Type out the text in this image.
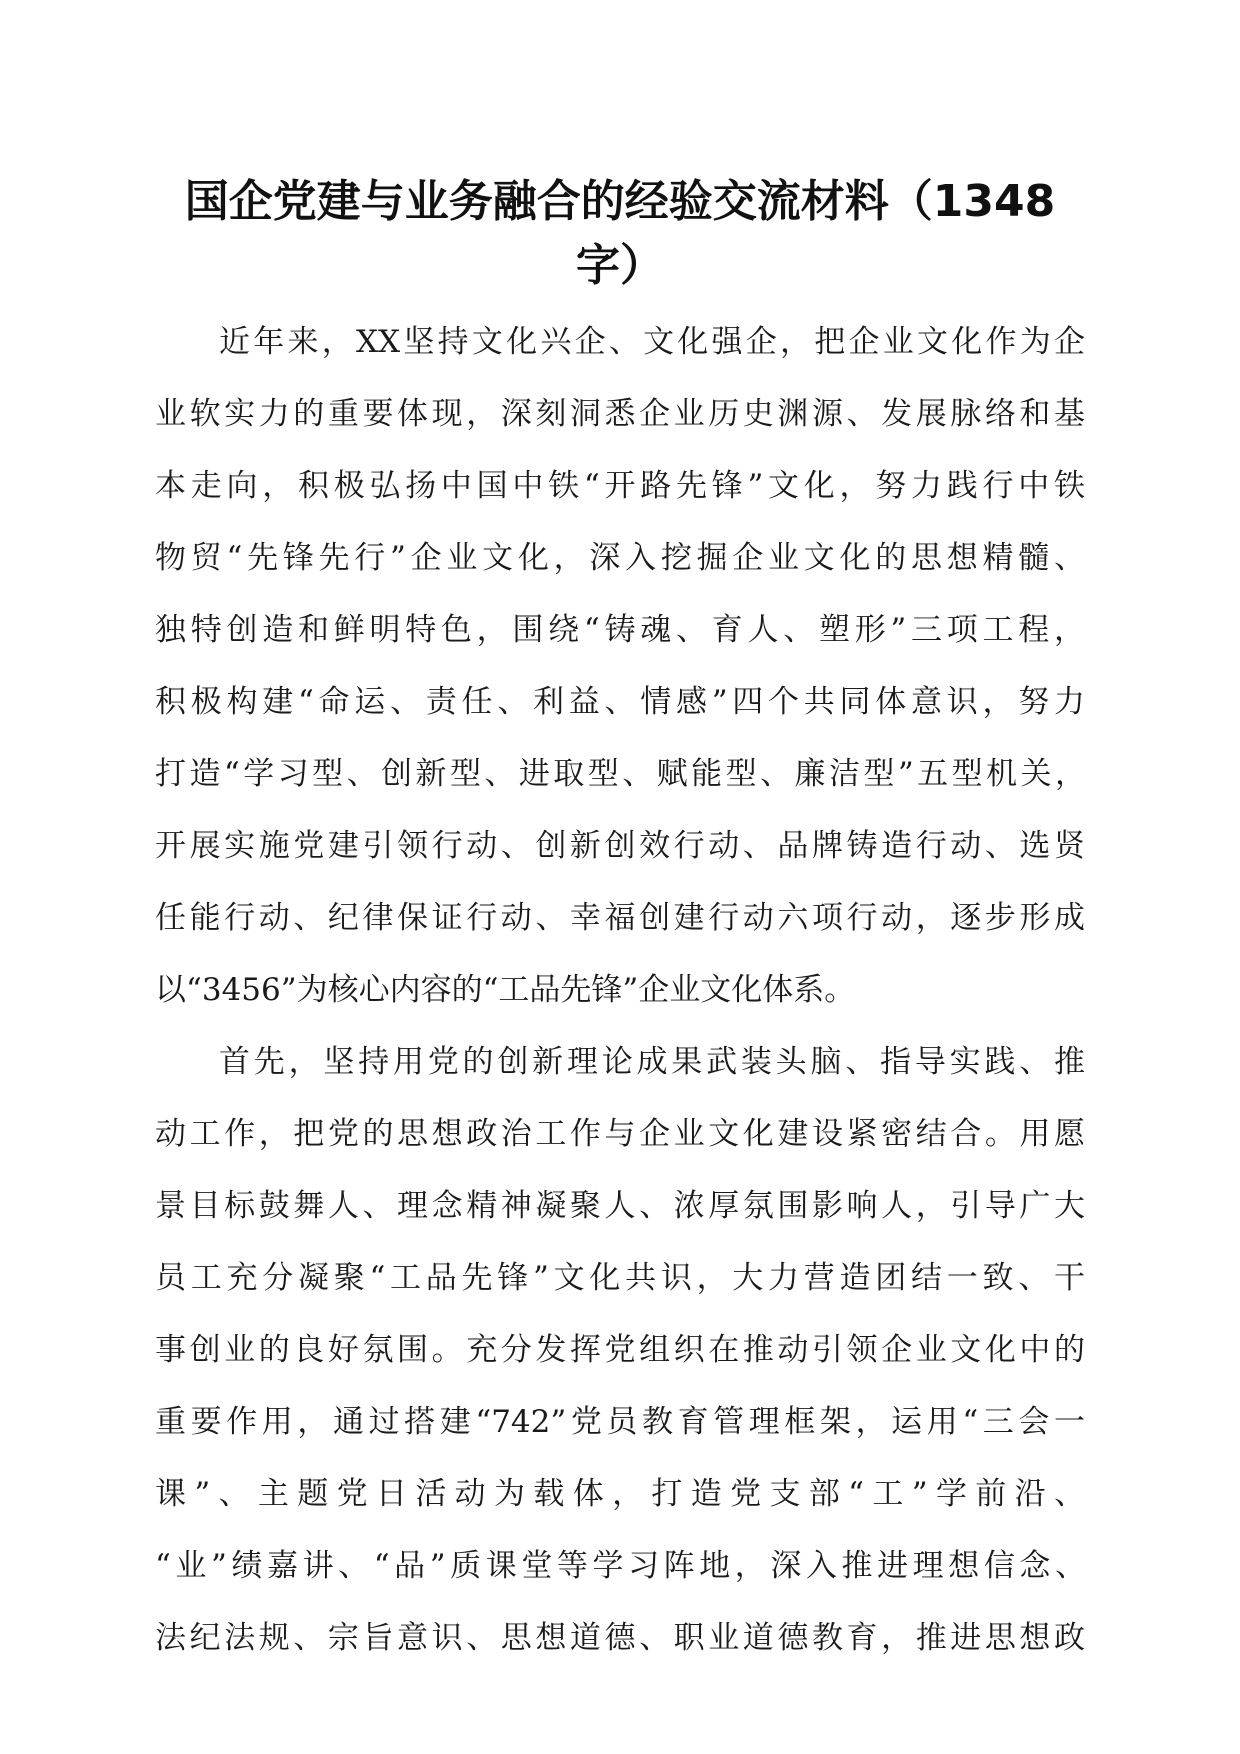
国企党建与业务融合的经验交流材料（1348
字）
近年来，XX坚持文化兴企、文化强企，把企业文化作为企
业软实力的重要体现，深刻洞悉企业历史渊源、发展脉络和基
本走向，积极弘扬中国中铁“开路先锋”文化，努力践行中铁
物贸“先锋先行”企业文化，深入挖掘企业文化的思想精髓、
独特创造和鲜明特色，围绕“铸魂、育人、塑形”三项工程，
积极构建“命运、责任、利益、情感”四个共同体意识，努力
打造“学习型、创新型、进取型、赋能型、廉洁型”五型机关，
开展实施党建引领行动、创新创效行动、品牌铸造行动、选贤
任能行动、纪律保证行动、幸福创建行动六项行动，逐步形成
以“3456”为核心内容的“工品先锋”企业文化体系。
首先，坚持用党的创新理论成果武装头脑、指导实践、推
动工作，把党的思想政治工作与企业文化建设紧密结合。用愿
景目标鼓舞人、理念精神凝聚人、浓厚氛围影响人，引导广大
员工充分凝聚“工品先锋”文化共识，大力营造团结一致、干
事创业的良好氛围。充分发挥党组织在推动引领企业文化中的
重要作用，通过搭建“742”党员教育管理框架，运用“三会一
课”、主题党日活动为载体，打造党支部“工”学前沿、
“业”绩嘉讲、“品”质课堂等学习阵地，深入推进理想信念、
法纪法规、宗旨意识、思想道德、职业道德教育，推进思想政
